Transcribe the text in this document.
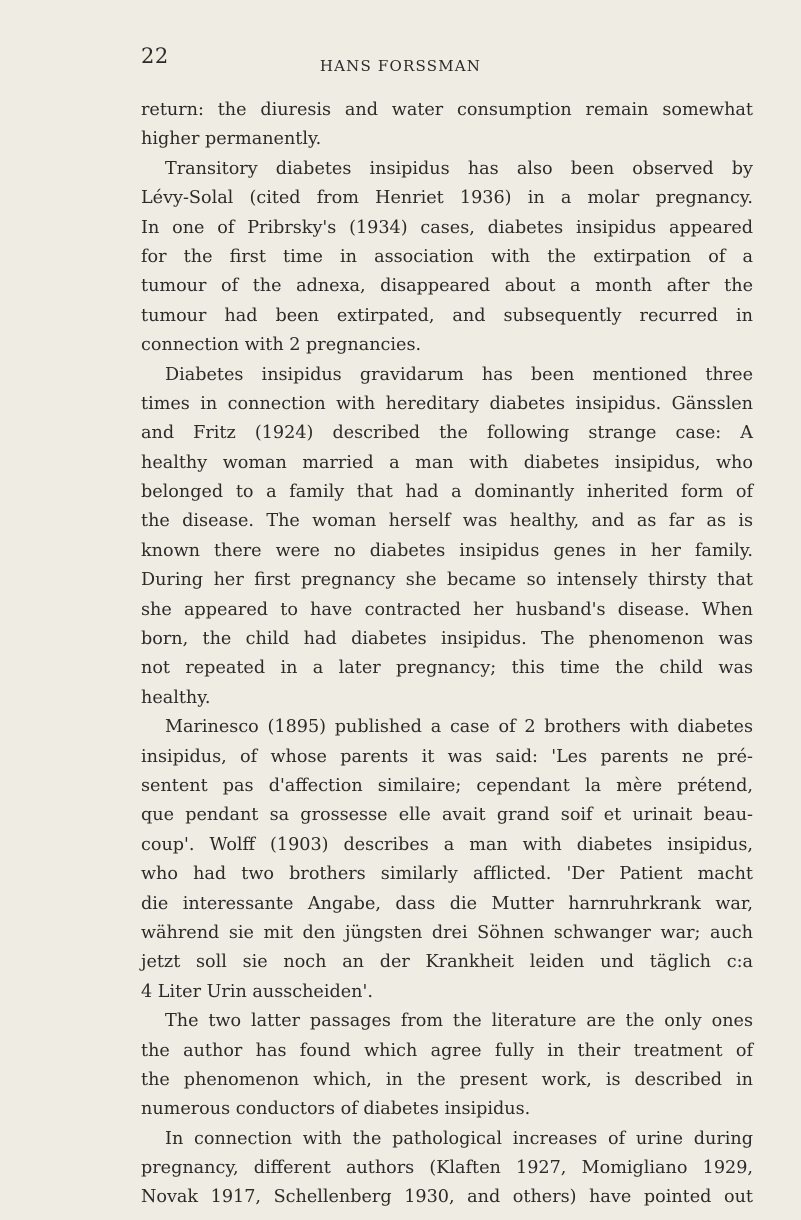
22	HANS FORSSMAN
return: the diuresis and water consumption remain somewhat
higher permanently.
Transitory diabetes insipidus has also been observed by
Lévy-Solal (cited from Henriet 1936) in a molar pregnancy.
In one of Pribrsky's (1934) cases, diabetes insipidus appeared
for the first time in association with the extirpation of a
tumour of the adnexa, disappeared about a month after the
tumour had been extirpated, and subsequently recurred in
connection with 2 pregnancies.
Diabetes insipidus gravidarum has been mentioned three
times in connection with hereditary diabetes insipidus. Gänsslen
and Fritz (1924) described the following strange case: A
healthy woman married a man with diabetes insipidus, who
belonged to a family that had a dominantly inherited form of
the disease. The woman herself was healthy, and as far as is
known there were no diabetes insipidus genes in her family.
During her first pregnancy she became so intensely thirsty that
she appeared to have contracted her husband's disease. When
born, the child had diabetes insipidus. The phenomenon was
not repeated in a later pregnancy; this time the child was
healthy.
Marinesco (1895) published a case of 2 brothers with diabetes
insipidus, of whose parents it was said: 'Les parents ne pré-
sentent pas d'affection similaire; cependant la mère prétend,
que pendant sa grossesse elle avait grand soif et urinait beau-
coup'. Wolff (1903) describes a man with diabetes insipidus,
who had two brothers similarly afflicted. 'Der Patient macht
die interessante Angabe, dass die Mutter harnruhrkrank war,
während sie mit den jüngsten drei Söhnen schwanger war; auch
jetzt soll sie noch an der Krankheit leiden und täglich c:a
4 Liter Urin ausscheiden'.
The two latter passages from the literature are the only ones
the author has found which agree fully in their treatment of
the phenomenon which, in the present work, is described in
numerous conductors of diabetes insipidus.
In connection with the pathological increases of urine during
pregnancy, different authors (Klaften 1927, Momigliano 1929,
Novak 1917, Schellenberg 1930, and others) have pointed out
